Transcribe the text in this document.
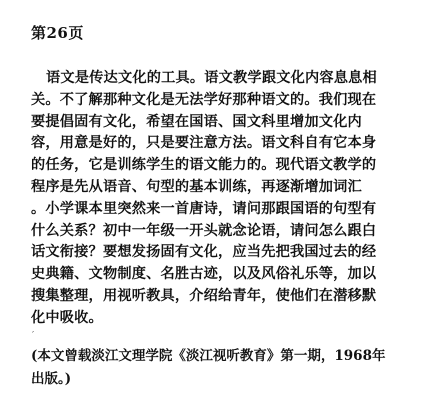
第26页
语文是传达文化的工具。语文教学跟文化内容息息相
关。不了解那种文化是无法学好那种语文的。我们现在
要提倡固有文化，希望在国语、国文科里增加文化内
容，用意是好的，只是要注意方法。语文科自有它本身
的任务，它是训练学生的语文能力的。现代语文教学的
程序是先从语音、句型的基本训练，再逐渐增加词汇
。小学课本里突然来一首唐诗，请问那跟国语的句型有
什么关系？初中一年级一开头就念论语，请问怎么跟白
话文衔接？要想发扬固有文化，应当先把我国过去的经
史典籍、文物制度、名胜古迹，以及风俗礼乐等，加以
搜集整理，用视听教具，介绍给青年，使他们在潜移默
化中吸收。
′
(本文曾载淡江文理学院《淡江视听教育》第一期，1968年
出版。)
